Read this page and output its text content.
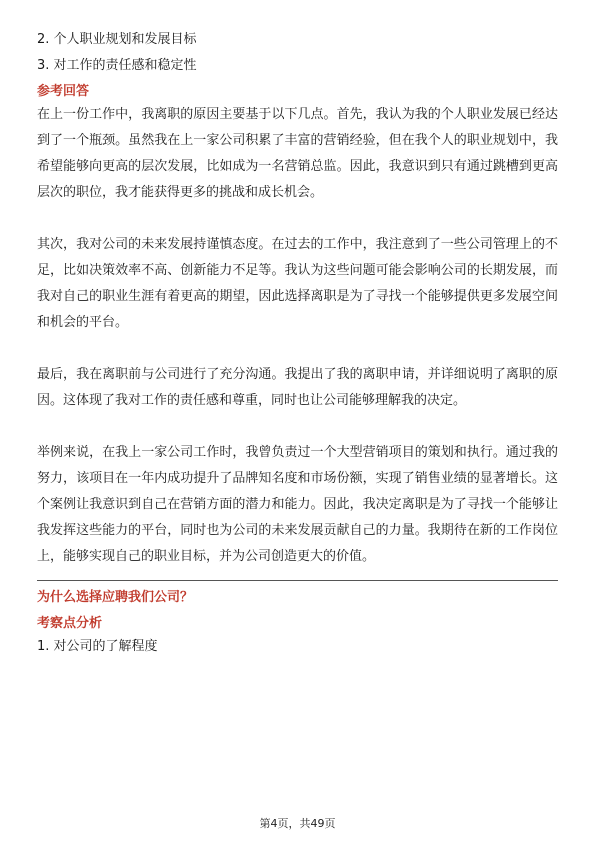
2. 个人职业规划和发展目标
3. 对工作的责任感和稳定性
参考回答

在上一份工作中，我离职的原因主要基于以下几点。首先，我认为我的个人职业发展已经达到了一个瓶颈。虽然我在上一家公司积累了丰富的营销经验，但在我个人的职业规划中，我希望能够向更高的层次发展，比如成为一名营销总监。因此，我意识到只有通过跳槽到更高层次的职位，我才能获得更多的挑战和成长机会。

其次，我对公司的未来发展持谨慎态度。在过去的工作中，我注意到了一些公司管理上的不足，比如决策效率不高、创新能力不足等。我认为这些问题可能会影响公司的长期发展，而我对自己的职业生涯有着更高的期望，因此选择离职是为了寻找一个能够提供更多发展空间和机会的平台。

最后，我在离职前与公司进行了充分沟通。我提出了我的离职申请，并详细说明了离职的原因。这体现了我对工作的责任感和尊重，同时也让公司能够理解我的决定。

举例来说，在我上一家公司工作时，我曾负责过一个大型营销项目的策划和执行。通过我的努力，该项目在一年内成功提升了品牌知名度和市场份额，实现了销售业绩的显著增长。这个案例让我意识到自己在营销方面的潜力和能力。因此，我决定离职是为了寻找一个能够让我发挥这些能力的平台，同时也为公司的未来发展贡献自己的力量。我期待在新的工作岗位上，能够实现自己的职业目标，并为公司创造更大的价值。

为什么选择应聘我们公司？
考察点分析
1. 对公司的了解程度
第4页，共49页
